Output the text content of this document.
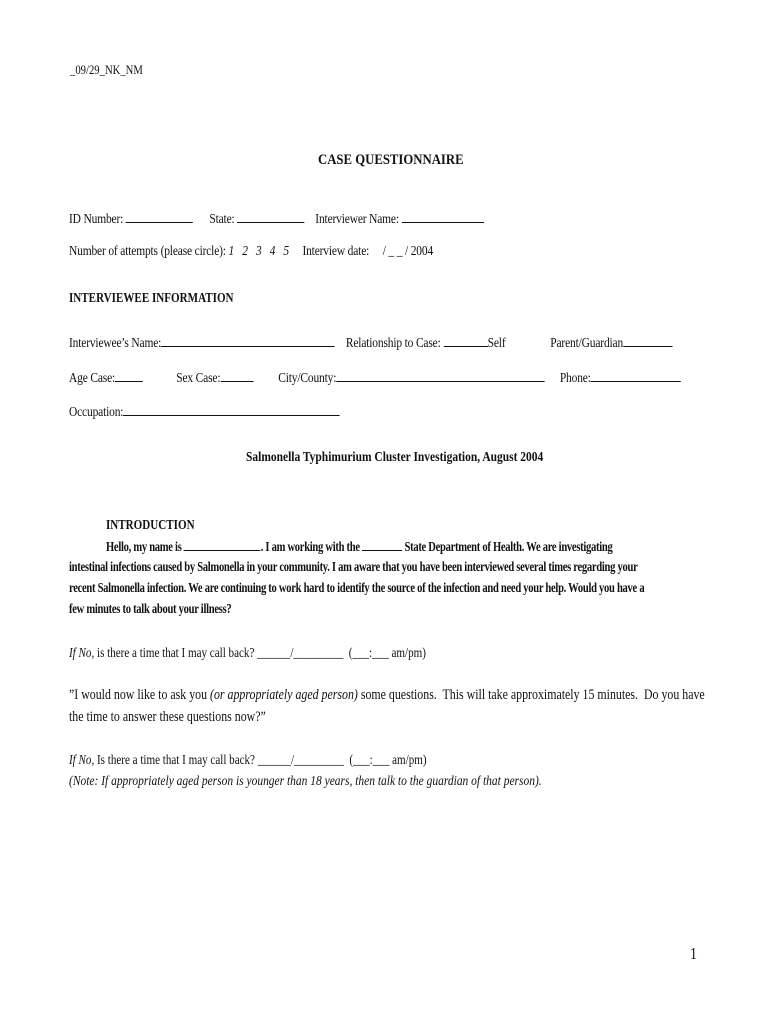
_09/29_NK_NM
CASE QUESTIONNAIRE
ID Number:	State:	Interviewer Name:
Number of attempts (please circle): 1   2   3   4   5 Interview date: / _ _ / 2004
INTERVIEWEE INFORMATION
Interviewee’s Name:	Relationship to Case:	Self	Parent/Guardian
Age Case:	Sex Case:	City/County:	Phone:
Occupation:
Salmonella Typhimurium Cluster Investigation, August 2004
INTRODUCTION
Hello, my name is	. I am working with the	State Department of Health. We are investigating
intestinal infections caused by Salmonella in your community. I am aware that you have been interviewed several times regarding your
recent Salmonella infection. We are continuing to work hard to identify the source of the infection and need your help. Would you have a
few minutes to talk about your illness?
If No, is there a time that I may call back? ______/_________  (___:___ am/pm)
”I would now like to ask you (or appropriately aged person) some questions.  This will take approximately 15 minutes.  Do you have
the time to answer these questions now?”
If No, Is there a time that I may call back? ______/_________  (___:___ am/pm)
(Note: If appropriately aged person is younger than 18 years, then talk to the guardian of that person).
1
